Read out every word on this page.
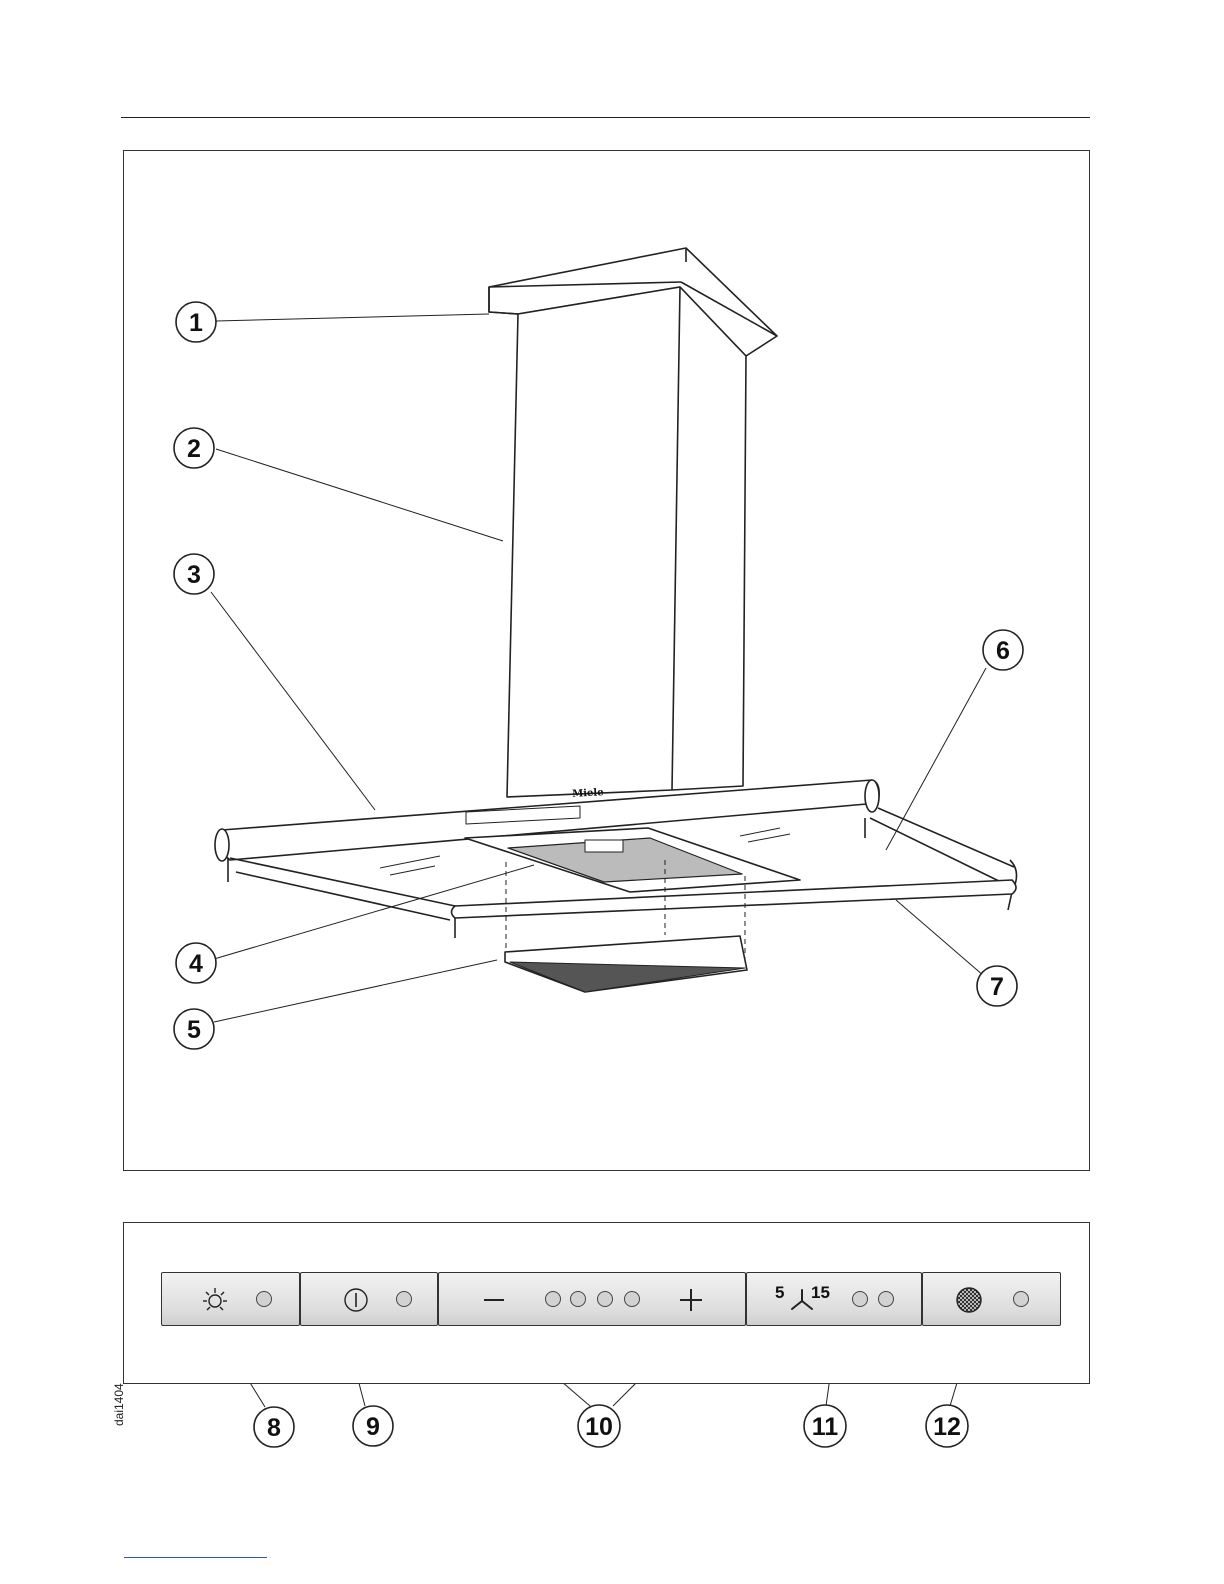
Miele
1
2
3
4
5
6
7
8	9	10	11	12
5 15
dai1404
